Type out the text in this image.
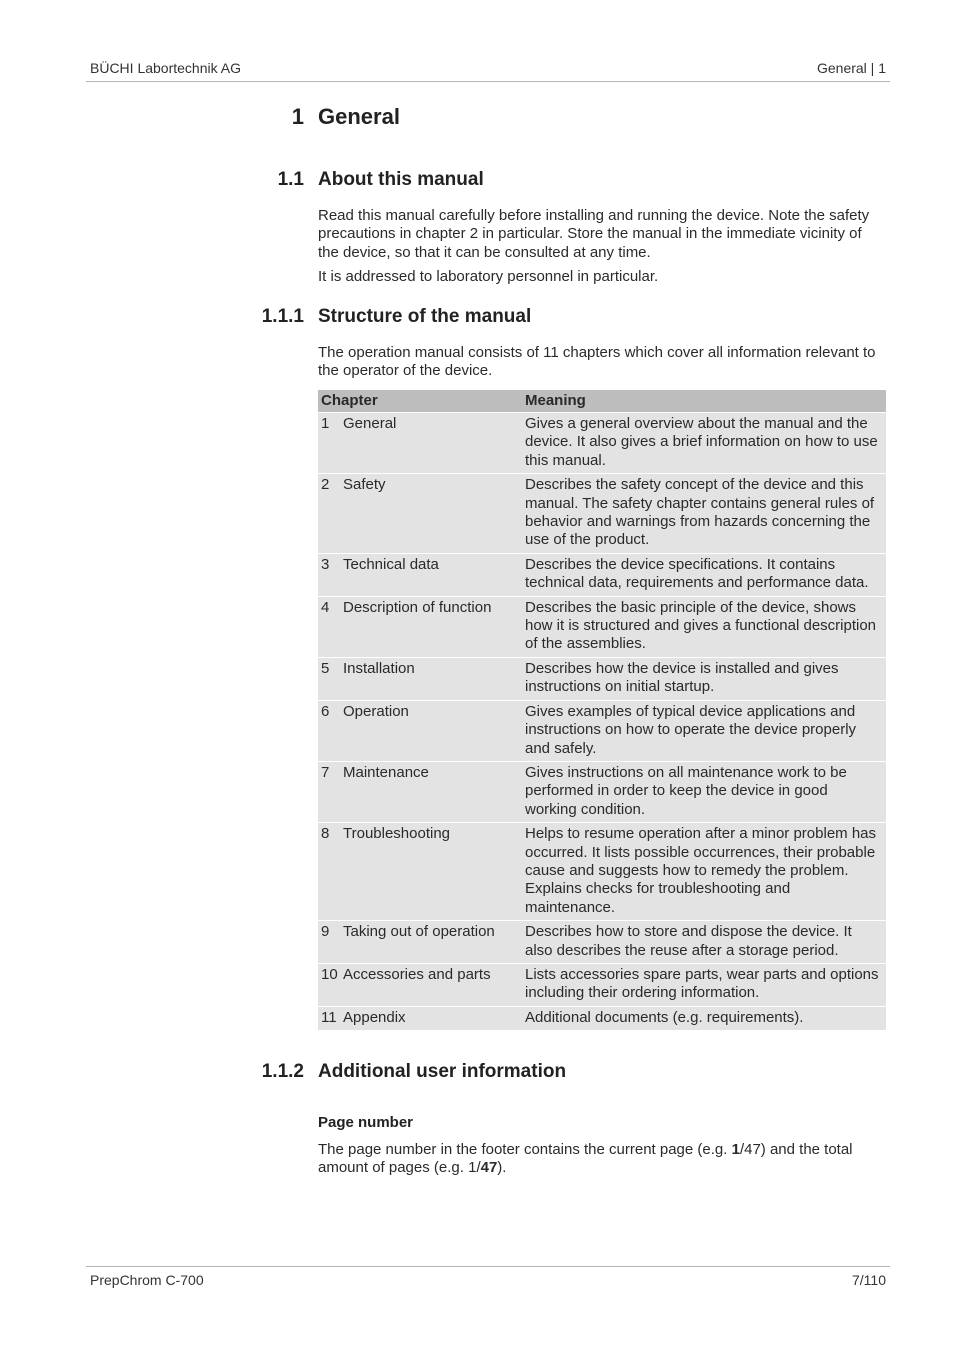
BÜCHI Labortechnik AG	General | 1
1 General
1.1 About this manual

Read this manual carefully before installing and running the device. Note the safety precautions in chapter 2 in particular. Store the manual in the immediate vicinity of the device, so that it can be consulted at any time.

It is addressed to laboratory personnel in particular.

1.1.1 Structure of the manual

The operation manual consists of 11 chapters which cover all information relevant to the operator of the device.

Chapter	Meaning
1 General	Gives a general overview about the manual and the device. It also gives a brief information on how to use this manual.
2 Safety	Describes the safety concept of the device and this manual. The safety chapter contains general rules of behavior and warnings from hazards concerning the use of the product.
3 Technical data	Describes the device specifications. It contains technical data, requirements and performance data.
4 Description of function	Describes the basic principle of the device, shows how it is structured and gives a functional description of the assemblies.
5 Installation	Describes how the device is installed and gives instructions on initial startup.
6 Operation	Gives examples of typical device applications and instructions on how to operate the device properly and safely.
7 Maintenance	Gives instructions on all maintenance work to be performed in order to keep the device in good working condition.
8 Troubleshooting	Helps to resume operation after a minor problem has occurred. It lists possible occurrences, their probable cause and suggests how to remedy the problem. Explains checks for troubleshooting and maintenance.
9 Taking out of operation	Describes how to store and dispose the device. It also describes the reuse after a storage period.
10 Accessories and parts	Lists accessories spare parts, wear parts and options including their ordering information.
11 Appendix	Additional documents (e.g. requirements).
1.1.2 Additional user information
Page number

The page number in the footer contains the current page (e.g. 1/47) and the total amount of pages (e.g. 1/47).

PrepChrom C-700	7/110
